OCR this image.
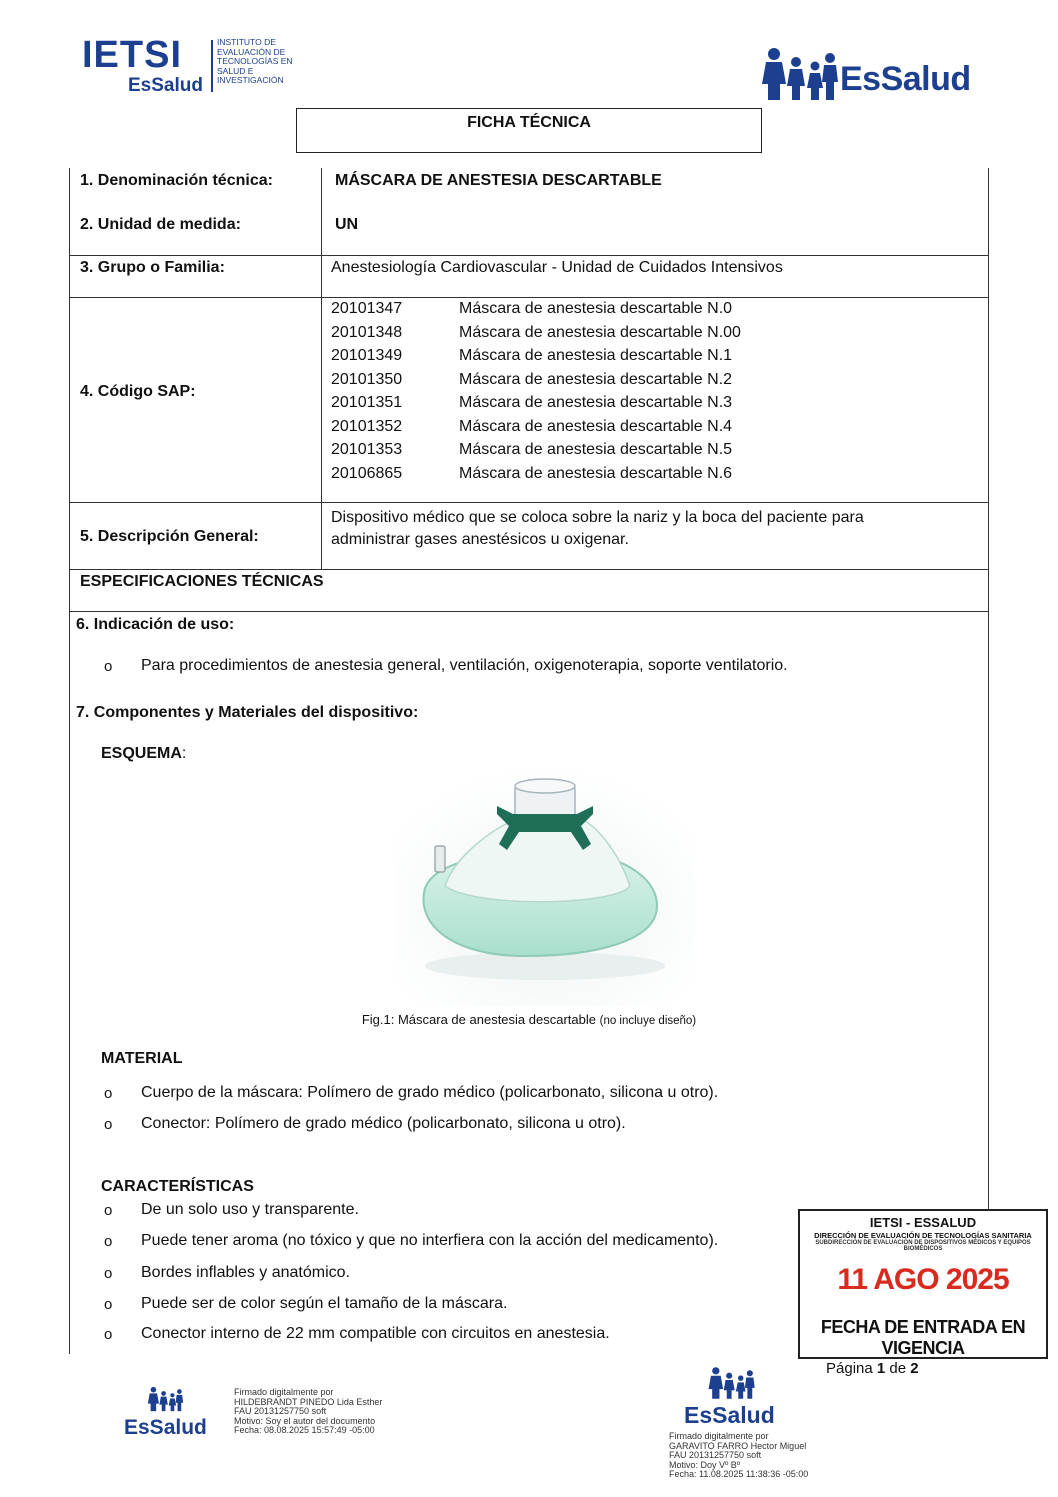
IETSI
EsSalud
INSTITUTO DE
EVALUACIÓN DE
TECNOLOGÍAS EN
SALUD E
INVESTIGACIÓN	EsSalud
FICHA TÉCNICA
1. Denominación técnica:	MÁSCARA DE ANESTESIA DESCARTABLE
2. Unidad de medida:	UN
3. Grupo o Familia:	Anestesiología Cardiovascular - Unidad de Cuidados Intensivos
4. Código SAP:
20101347	Máscara de anestesia descartable N.0
20101348	Máscara de anestesia descartable N.00
20101349	Máscara de anestesia descartable N.1
20101350	Máscara de anestesia descartable N.2
20101351	Máscara de anestesia descartable N.3
20101352	Máscara de anestesia descartable N.4
20101353	Máscara de anestesia descartable N.5
20106865	Máscara de anestesia descartable N.6
5. Descripción General:
Dispositivo médico que se coloca sobre la nariz y la boca del paciente para
administrar gases anestésicos u oxigenar.
ESPECIFICACIONES TÉCNICAS
6. Indicación de uso:
o Para procedimientos de anestesia general, ventilación, oxigenoterapia, soporte ventilatorio.
7. Componentes y Materiales del dispositivo:
ESQUEMA:
Fig.1: Máscara de anestesia descartable (no incluye diseño)
MATERIAL
o Cuerpo de la máscara: Polímero de grado médico (policarbonato, silicona u otro).
o Conector: Polímero de grado médico (policarbonato, silicona u otro).
CARACTERÍSTICAS
o De un solo uso y transparente.
o Puede tener aroma (no tóxico y que no interfiera con la acción del medicamento).
o Bordes inflables y anatómico.
o Puede ser de color según el tamaño de la máscara.
o Conector interno de 22 mm compatible con circuitos en anestesia.
IETSI - ESSALUD
DIRECCIÓN DE EVALUACIÓN DE TECNOLOGÍAS SANITARIA
SUBDIRECCIÓN DE EVALUACIÓN DE DISPOSITIVOS MÉDICOS Y EQUIPOS BIOMÉDICOS
11 AGO 2025
FECHA DE ENTRADA EN VIGENCIA
Página 1 de 2
EsSalud
Firmado digitalmente por
HILDEBRANDT PINEDO Lida Esther
FAU 20131257750 soft
Motivo: Soy el autor del documento
Fecha: 08.08.2025 15:57:49 -05:00
EsSalud
Firmado digitalmente por
GARAVITO FARRO Hector Miguel
FAU 20131257750 soft
Motivo: Doy Vº Bº
Fecha: 11.08.2025 11:38:36 -05:00
